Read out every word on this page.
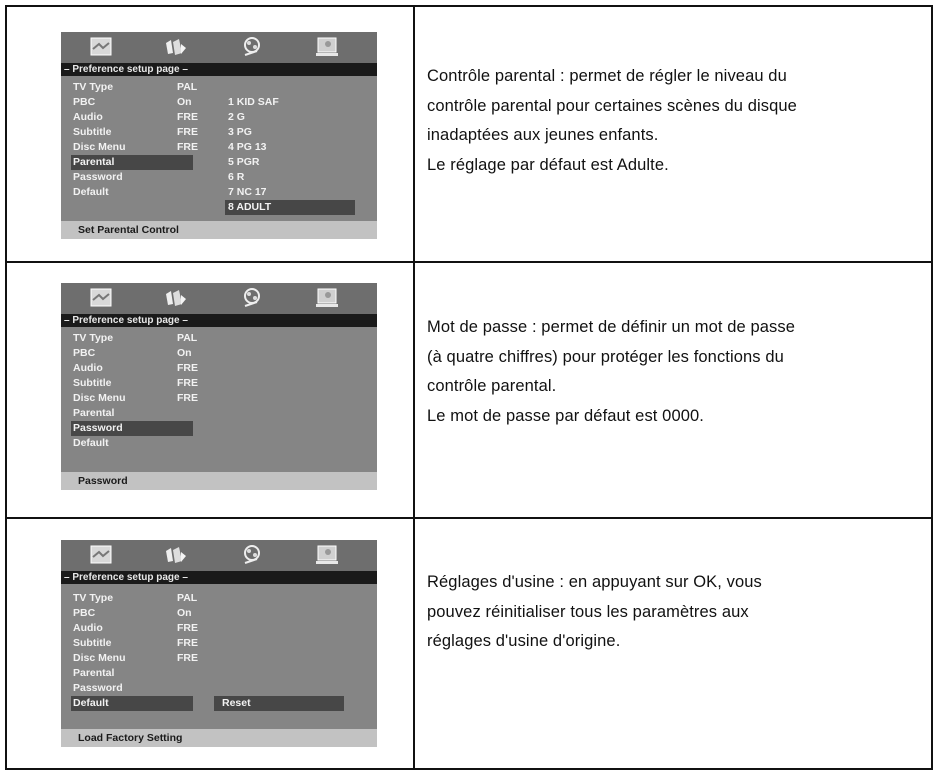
– Preference setup page –
TV Type
PBC
Audio
Subtitle
Disc Menu
Parental
Password
Default
PAL
On
FRE
FRE
FRE
1 KID SAF
2 G
3 PG
4 PG 13
5 PGR
6 R
7 NC 17
8 ADULT
Set Parental Control

Contrôle parental : permet de régler le niveau du

contrôle parental pour certaines scènes du disque

inadaptées aux jeunes enfants.

Le réglage par défaut est Adulte.

– Preference setup page –
TV Type
PBC
Audio
Subtitle
Disc Menu
Parental
Password
Default
PAL
On
FRE
FRE
FRE
Password

Mot de passe : permet de définir un mot de passe

(à quatre chiffres) pour protéger les fonctions du

contrôle parental.

Le mot de passe par défaut est 0000.

– Preference setup page –
TV Type
PBC
Audio
Subtitle
Disc Menu
Parental
Password
Default
PAL
On
FRE
FRE
FRE
Reset
Load Factory Setting

Réglages d'usine : en appuyant sur OK, vous

pouvez réinitialiser tous les paramètres aux

réglages d'usine d'origine.
